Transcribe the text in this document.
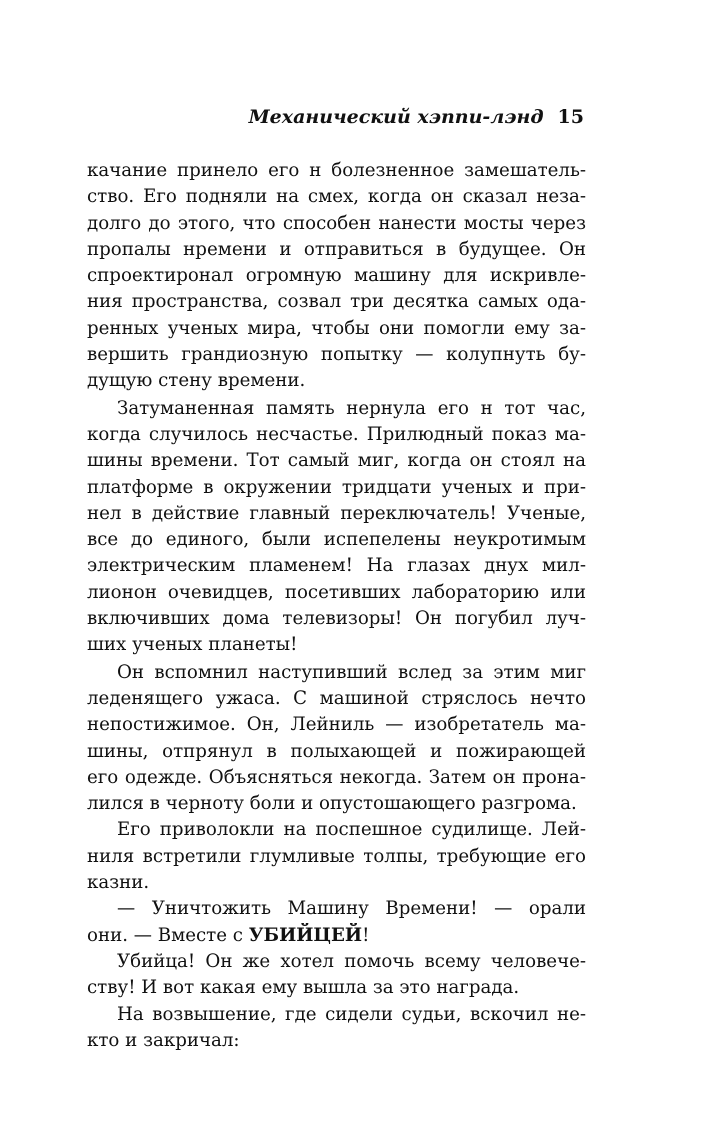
Механический хэппи-лэнд 15
качание принело его н болезненное замешатель-
ство. Его подняли на смех, когда он сказал неза-
долго до этого, что способен нанести мосты через
пропалы нремени и отправиться в будущее. Он
спроектиронал огромную машину для искривле-
ния пространства, созвал три десятка самых ода-
ренных ученых мира, чтобы они помогли ему за-
вершить грандиозную попытку — колупнуть бу-
дущую стену времени.
Затуманенная память нернула его н тот час,
когда случилось несчастье. Прилюдный показ ма-
шины времени. Тот самый миг, когда он стоял на
платформе в окружении тридцати ученых и при-
нел в действие главный переключатель! Ученые,
все до единого, были испепелены неукротимым
электрическим пламенем! На глазах днух мил-
лионон очевидцев, посетивших лабораторию или
включивших дома телевизоры! Он погубил луч-
ших ученых планеты!
Он вспомнил наступивший вслед за этим миг
леденящего ужаса. С машиной стряслось нечто
непостижимое. Он, Лейниль — изобретатель ма-
шины, отпрянул в полыхающей и пожирающей
его одежде. Объясняться некогда. Затем он прона-
лился в черноту боли и опустошающего разгрома.
Его приволокли на поспешное судилище. Лей-
ниля встретили глумливые толпы, требующие его
казни.
— Уничтожить Машину Времени! — орали
они. — Вместе с УБИЙЦЕЙ!
Убийца! Он же хотел помочь всему человече-
ству! И вот какая ему вышла за это награда.
На возвышение, где сидели судьи, вскочил не-
кто и закричал:
